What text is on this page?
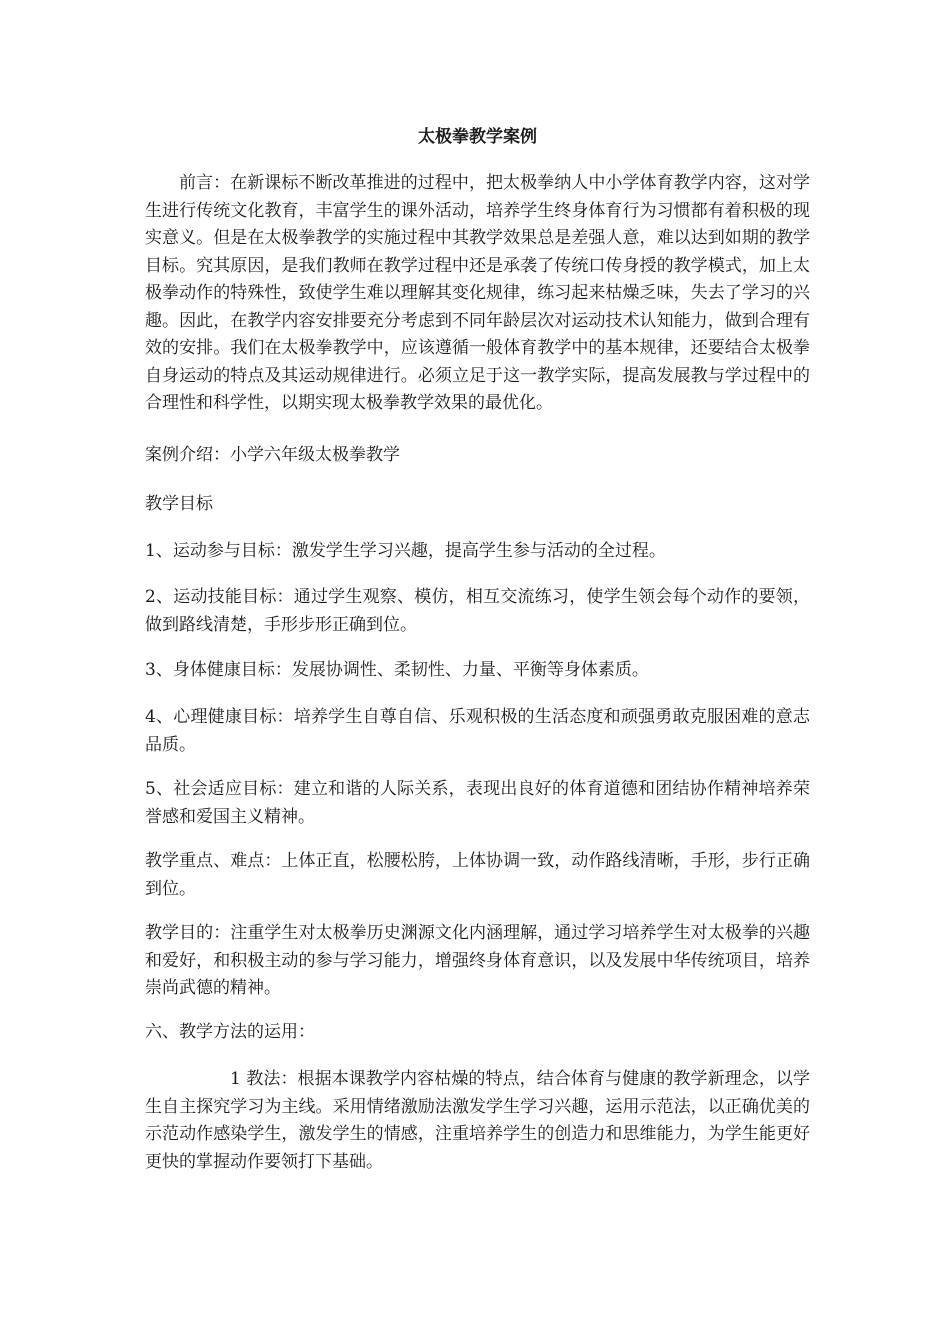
太极拳教学案例

前言：在新课标不断改革推进的过程中，把太极拳纳人中小学体育教学内容，这对学生进行传统文化教育，丰富学生的课外活动，培养学生终身体育行为习惯都有着积极的现实意义。但是在太极拳教学的实施过程中其教学效果总是差强人意，难以达到如期的教学目标。究其原因，是我们教师在教学过程中还是承袭了传统口传身授的教学模式，加上太极拳动作的特殊性，致使学生难以理解其变化规律，练习起来枯燥乏味，失去了学习的兴趣。因此，在教学内容安排要充分考虑到不同年龄层次对运动技术认知能力，做到合理有效的安排。我们在太极拳教学中，应该遵循一般体育教学中的基本规律，还要结合太极拳自身运动的特点及其运动规律进行。必须立足于这一教学实际，提高发展教与学过程中的合理性和科学性，以期实现太极拳教学效果的最优化。

案例介绍：小学六年级太极拳教学

教学目标

1、运动参与目标：激发学生学习兴趣，提高学生参与活动的全过程。

2、运动技能目标：通过学生观察、模仿，相互交流练习，使学生领会每个动作的要领，做到路线清楚，手形步形正确到位。

3、身体健康目标：发展协调性、柔韧性、力量、平衡等身体素质。

4、心理健康目标：培养学生自尊自信、乐观积极的生活态度和顽强勇敢克服困难的意志品质。

5、社会适应目标：建立和谐的人际关系，表现出良好的体育道德和团结协作精神培养荣誉感和爱国主义精神。

教学重点、难点：上体正直，松腰松胯，上体协调一致，动作路线清晰，手形，步行正确到位。

教学目的：注重学生对太极拳历史渊源文化内涵理解，通过学习培养学生对太极拳的兴趣和爱好，和积极主动的参与学习能力，增强终身体育意识，以及发展中华传统项目，培养崇尚武德的精神。

六、教学方法的运用：

1 教法：根据本课教学内容枯燥的特点，结合体育与健康的教学新理念，以学生自主探究学习为主线。采用情绪激励法激发学生学习兴趣，运用示范法，以正确优美的示范动作感染学生，激发学生的情感，注重培养学生的创造力和思维能力，为学生能更好更快的掌握动作要领打下基础。
